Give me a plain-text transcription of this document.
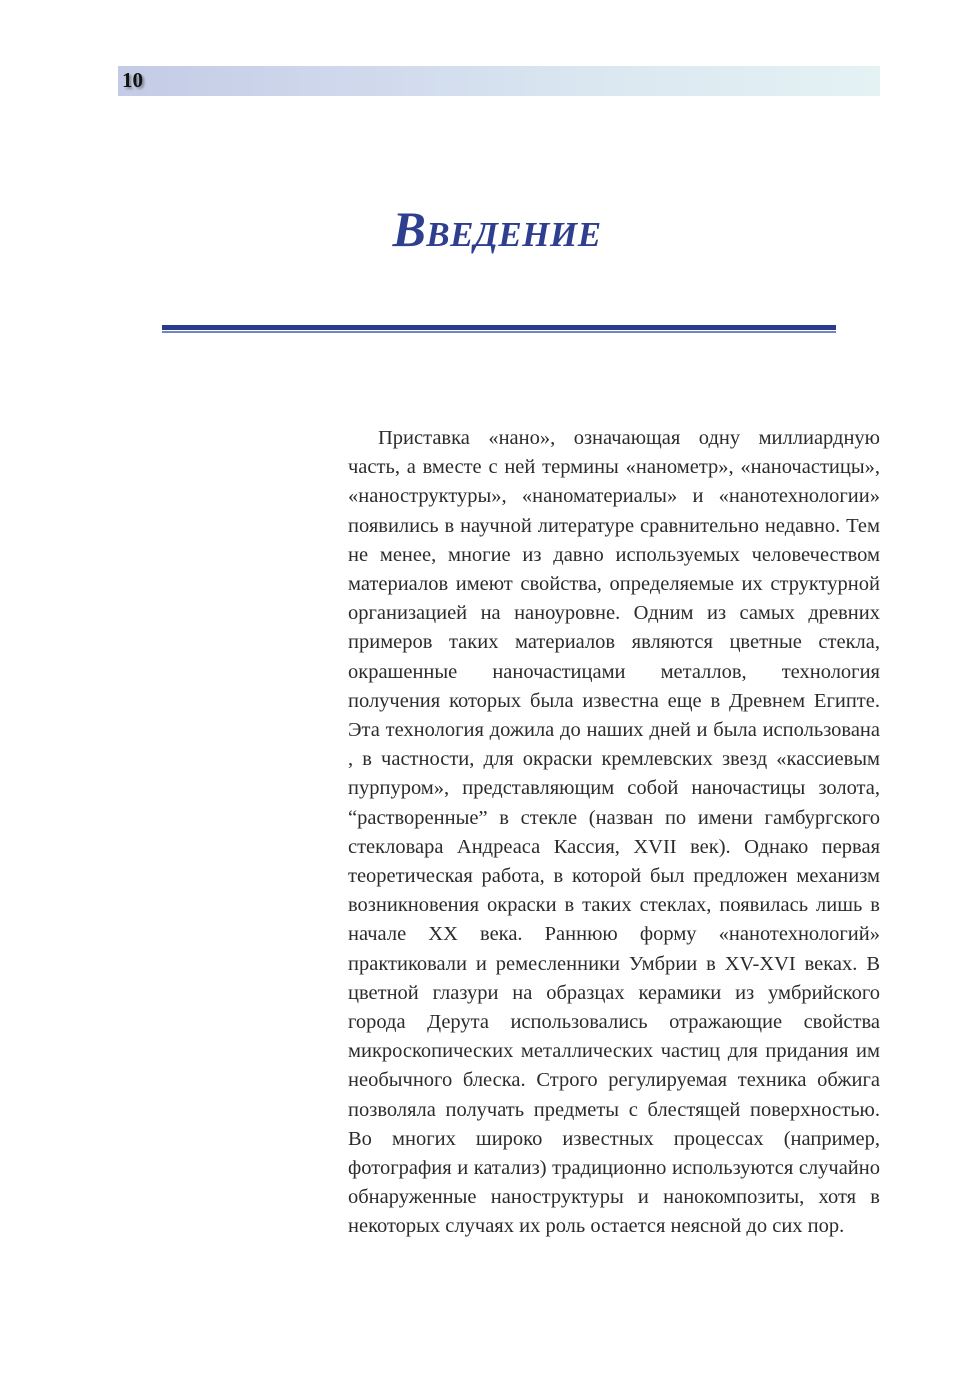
10
Введение

Приставка «нано», означающая одну миллиардную часть, а вместе с ней термины «нанометр», «наночастицы», «наноструктуры», «наноматериалы» и «нанотехнологии» появились в научной литературе сравнительно недавно. Тем не менее, многие из давно используемых человечеством материалов имеют свойства, определяемые их структурной организацией на наноуровне. Одним из самых древних примеров таких материалов являются цветные стекла, окрашенные наночастицами металлов, технология получения которых была известна еще в Древнем Египте. Эта технология дожила до наших дней и была использована , в частности, для окраски кремлевских звезд «кассиевым пурпуром», представляющим собой наночастицы золота, “растворенные” в стекле (назван по имени гамбургского стекловара Андреаса Кассия, XVII век). Однако первая теоретическая работа, в которой был предложен механизм возникновения окраски в таких стеклах, появилась лишь в начале XX века. Раннюю форму «нанотехнологий» практиковали и ремесленники Умбрии в XV-XVI веках. В цветной глазури на образцах керамики из умбрийского города Дерута использовались отражающие свойства микроскопических металлических частиц для придания им необычного блеска. Строго регулируемая техника обжига позволяла получать предметы с блестящей поверхностью. Во многих широко известных процессах (например, фотография и катализ) традиционно используются случайно обнаруженные наноструктуры и нанокомпозиты, хотя в некоторых случаях их роль остается неясной до сих пор.
